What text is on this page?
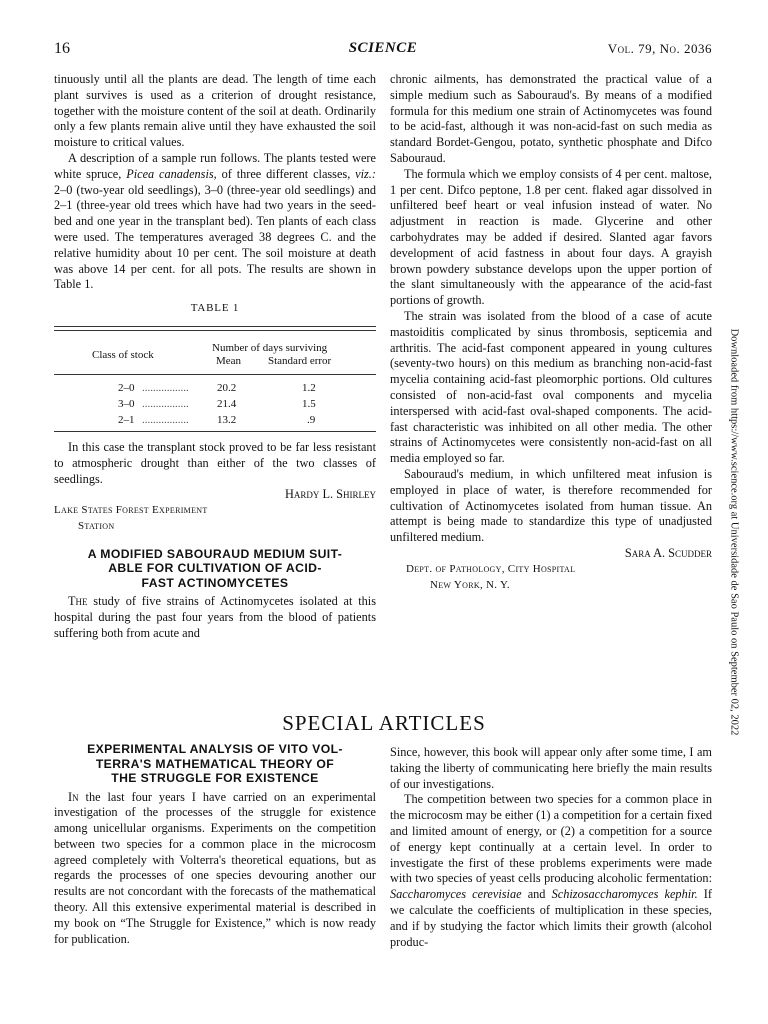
16	SCIENCE	Vol. 79, No. 2036

tinuously until all the plants are dead. The length of time each plant survives is used as a criterion of drought resistance, together with the moisture content of the soil at death. Ordinarily only a few plants remain alive until they have exhausted the soil moisture to critical values.

A description of a sample run follows. The plants tested were white spruce, Picea canadensis, of three different classes, viz.: 2–0 (two-year old seedlings), 3–0 (three-year old seedlings) and 2–1 (three-year old trees which have had two years in the seed-bed and one year in the transplant bed). Ten plants of each class were used. The temperatures averaged 38 degrees C. and the relative humidity about 10 per cent. The soil moisture at death was above 14 per cent. for all pots. The results are shown in Table 1.

TABLE 1
Class of stock
Number of days surviving
Mean Standard error
2–0 .................	20.2	1.2
3–0 .................	21.4	1.5
2–1 .................	13.2	.9

In this case the transplant stock proved to be far less resistant to atmospheric drought than either of the two classes of seedlings.

Hardy L. Shirley

Lake States Forest Experiment
Station

A MODIFIED SABOURAUD MEDIUM SUIT-
ABLE FOR CULTIVATION OF ACID-
FAST ACTINOMYCETES

The study of five strains of Actinomycetes isolated at this hospital during the past four years from the blood of patients suffering both from acute and

chronic ailments, has demonstrated the practical value of a simple medium such as Sabouraud's. By means of a modified formula for this medium one strain of Actinomycetes was found to be acid-fast, although it was non-acid-fast on such media as standard Bordet-Gengou, potato, synthetic phosphate and Difco Sabouraud.

The formula which we employ consists of 4 per cent. maltose, 1 per cent. Difco peptone, 1.8 per cent. flaked agar dissolved in unfiltered beef heart or veal infusion instead of water. No adjustment in reaction is made. Glycerine and other carbohydrates may be added if desired. Slanted agar favors development of acid fastness in about four days. A grayish brown powdery substance develops upon the upper portion of the slant simultaneously with the appearance of the acid-fast portions of growth.

The strain was isolated from the blood of a case of acute mastoiditis complicated by sinus thrombosis, septicemia and arthritis. The acid-fast component appeared in young cultures (seventy-two hours) on this medium as branching non-acid-fast mycelia containing acid-fast pleomorphic portions. Old cultures consisted of non-acid-fast oval components and mycelia interspersed with acid-fast oval-shaped components. The acid-fast characteristic was inhibited on all other media. The other strains of Actinomycetes were consistently non-acid-fast on all media employed so far.

Sabouraud's medium, in which unfiltered meat infusion is employed in place of water, is therefore recommended for cultivation of Actinomycetes isolated from human tissue. An attempt is being made to standardize this type of unadjusted unfiltered medium.

Sara A. Scudder

Dept. of Pathology, City Hospital
New York, N. Y.

SPECIAL ARTICLES
EXPERIMENTAL ANALYSIS OF VITO VOL-
TERRA'S MATHEMATICAL THEORY OF
THE STRUGGLE FOR EXISTENCE

In the last four years I have carried on an experimental investigation of the processes of the struggle for existence among unicellular organisms. Experiments on the competition between two species for a common place in the microcosm agreed completely with Volterra's theoretical equations, but as regards the processes of one species devouring another our results are not concordant with the forecasts of the mathematical theory. All this extensive experimental material is described in my book on “The Struggle for Existence,” which is now ready for publication.

Since, however, this book will appear only after some time, I am taking the liberty of communicating here briefly the main results of our investigations.

The competition between two species for a common place in the microcosm may be either (1) a competition for a certain fixed and limited amount of energy, or (2) a competition for a source of energy kept continually at a certain level. In order to investigate the first of these problems experiments were made with two species of yeast cells producing alcoholic fermentation: Saccharomyces cerevisiae and Schizosaccharomyces kephir. If we calculate the coefficients of multiplication in these species, and if by studying the factor which limits their growth (alcohol produc-

Downloaded from https://www.science.org at Universidade de Sao Paulo on September 02, 2022
